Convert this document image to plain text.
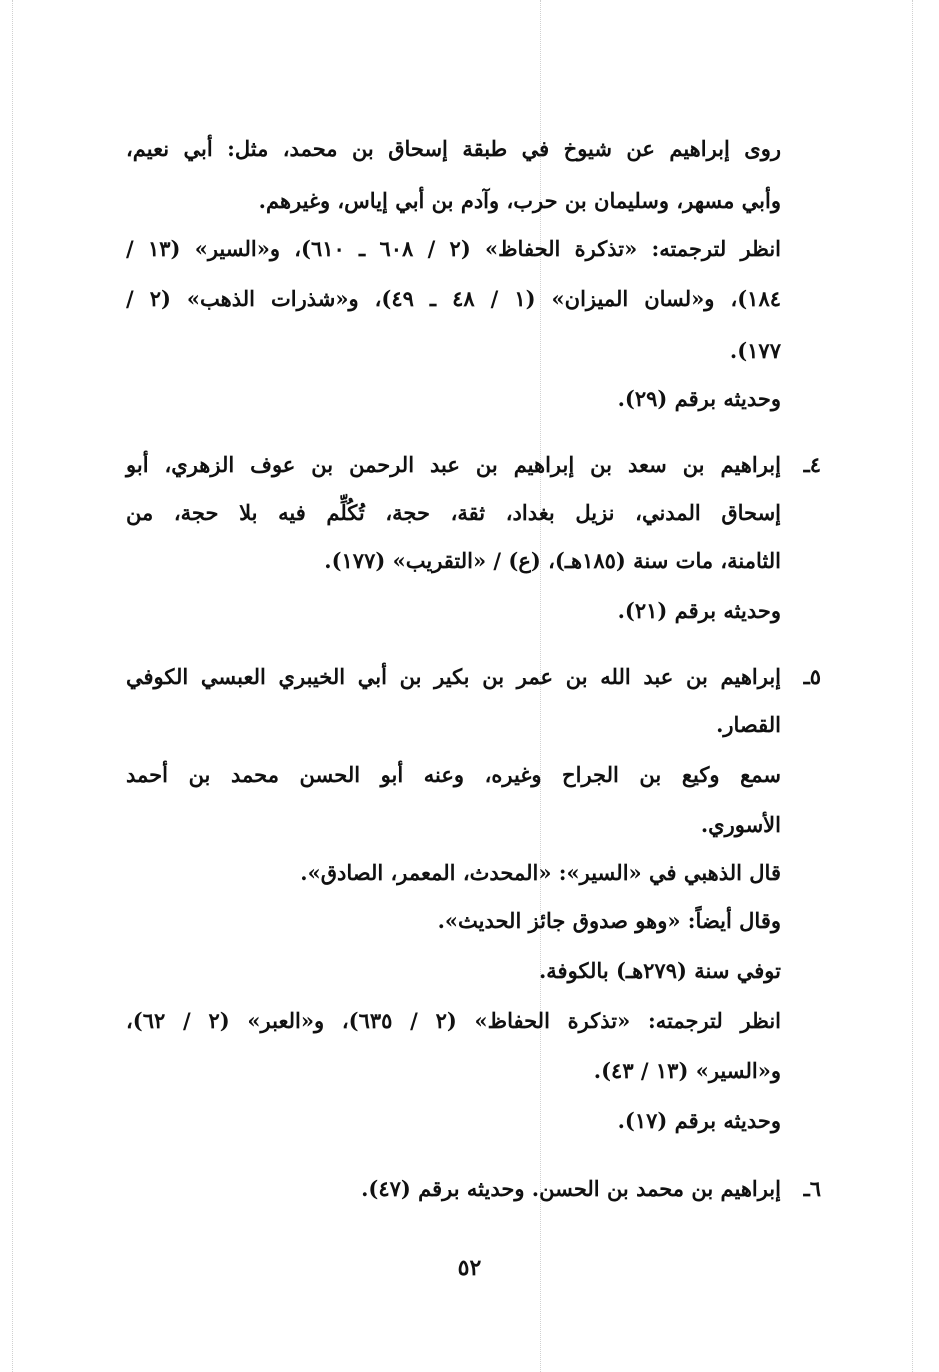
روى إبراهيم عن شيوخ في طبقة إسحاق بن محمد، مثل: أبي نعيم،
وأبي مسهر، وسليمان بن حرب، وآدم بن أبي إياس، وغيرهم.
انظر لترجمته: «تذكرة الحفاظ» (٢ / ٦٠٨ ـ ٦١٠)، و«السير» (١٣ /
١٨٤)، و«لسان الميزان» (١ / ٤٨ ـ ٤٩)، و«شذرات الذهب» (٢ /
١٧٧).
وحديثه برقم (٢٩).
٤ـ
إبراهيم بن سعد بن إبراهيم بن عبد الرحمن بن عوف الزهري، أبو
إسحاق المدني، نزيل بغداد، ثقة، حجة، تُكُلِّم فيه بلا حجة، من
الثامنة، مات سنة (١٨٥هـ)، (ع) / «التقريب» (١٧٧).
وحديثه برقم (٢١).
٥ـ
إبراهيم بن عبد الله بن عمر بن بكير بن أبي الخيبري العبسي الكوفي
القصار.
سمع وكيع بن الجراح وغيره، وعنه أبو الحسن محمد بن أحمد
الأسوري.
قال الذهبي في «السير»: «المحدث، المعمر، الصادق».
وقال أيضاً: «وهو صدوق جائز الحديث».
توفي سنة (٢٧٩هـ) بالكوفة.
انظر لترجمته: «تذكرة الحفاظ» (٢ / ٦٣٥)، و«العبر» (٢ / ٦٢)،
و«السير» (١٣ / ٤٣).
وحديثه برقم (١٧).
٦ـ
إبراهيم بن محمد بن الحسن. وحديثه برقم (٤٧).
٥٢
